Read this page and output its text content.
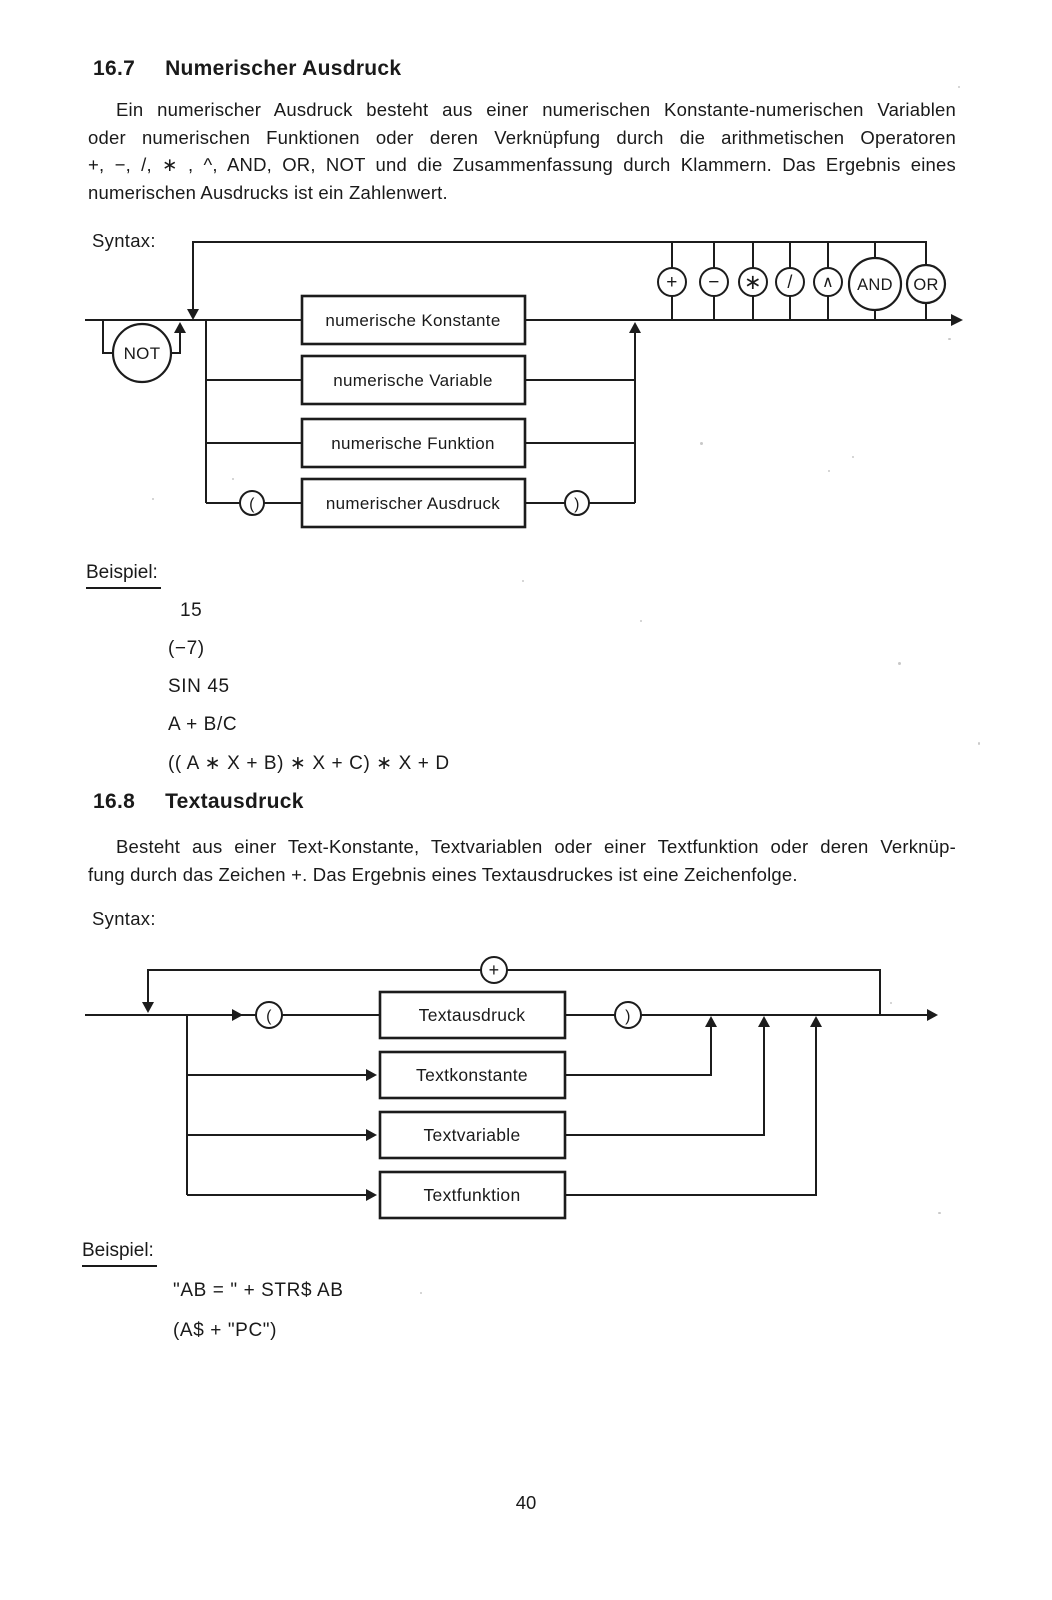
16.7 Numerischer Ausdruck
Ein numerischer Ausdruck besteht aus einer numerischen Konstante-numerischen Variablen
oder numerischen Funktionen oder deren Verknüpfung durch die arithmetischen Operatoren
+, −, /, ∗ , ^, AND, OR, NOT und die Zusammenfassung durch Klammern. Das Ergebnis eines
numerischen Ausdrucks ist ein Zahlenwert.
Syntax:
NOT
(	)
numerische Konstante
numerische Variable
numerische Funktion
numerischer Ausdruck
+ − ∗ / ∧ AND OR
Beispiel:
15
(−7)
SIN 45
A + B/C
(( A ∗ X + B) ∗ X + C) ∗ X + D
16.8 Textausdruck
Besteht aus einer Text-Konstante, Textvariablen oder einer Textfunktion oder deren Verknüp-
fung durch das Zeichen +. Das Ergebnis eines Textausdruckes ist eine Zeichenfolge.
Syntax:
+
(	)
Textausdruck
Textkonstante
Textvariable
Textfunktion
Beispiel:
"AB = " + STR$ AB
(A$ + "PC")
40
